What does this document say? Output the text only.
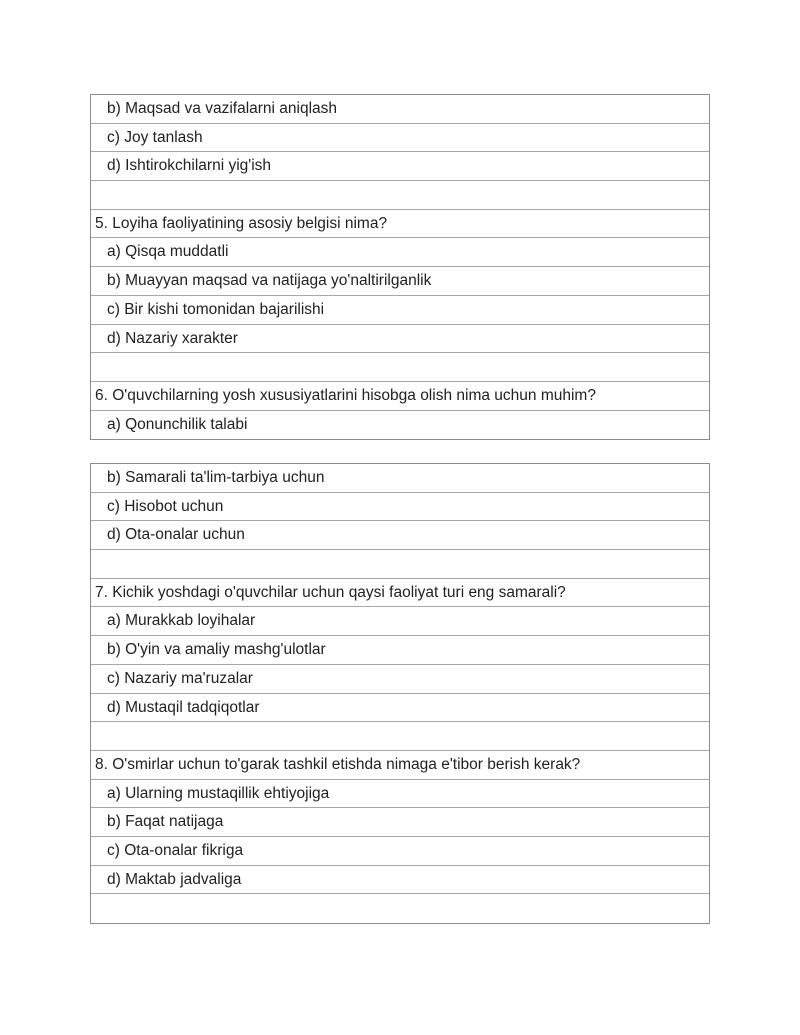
b) Maqsad va vazifalarni aniqlash
c) Joy tanlash
d) Ishtirokchilarni yig'ish
5. Loyiha faoliyatining asosiy belgisi nima?
a) Qisqa muddatli
b) Muayyan maqsad va natijaga yo'naltirilganlik
c) Bir kishi tomonidan bajarilishi
d) Nazariy xarakter
6. O'quvchilarning yosh xususiyatlarini hisobga olish nima uchun muhim?
a) Qonunchilik talabi
b) Samarali ta'lim-tarbiya uchun
c) Hisobot uchun
d) Ota-onalar uchun
7. Kichik yoshdagi o'quvchilar uchun qaysi faoliyat turi eng samarali?
a) Murakkab loyihalar
b) O'yin va amaliy mashg'ulotlar
c) Nazariy ma'ruzalar
d) Mustaqil tadqiqotlar
8. O'smirlar uchun to'garak tashkil etishda nimaga e'tibor berish kerak?
a) Ularning mustaqillik ehtiyojiga
b) Faqat natijaga
c) Ota-onalar fikriga
d) Maktab jadvaliga
